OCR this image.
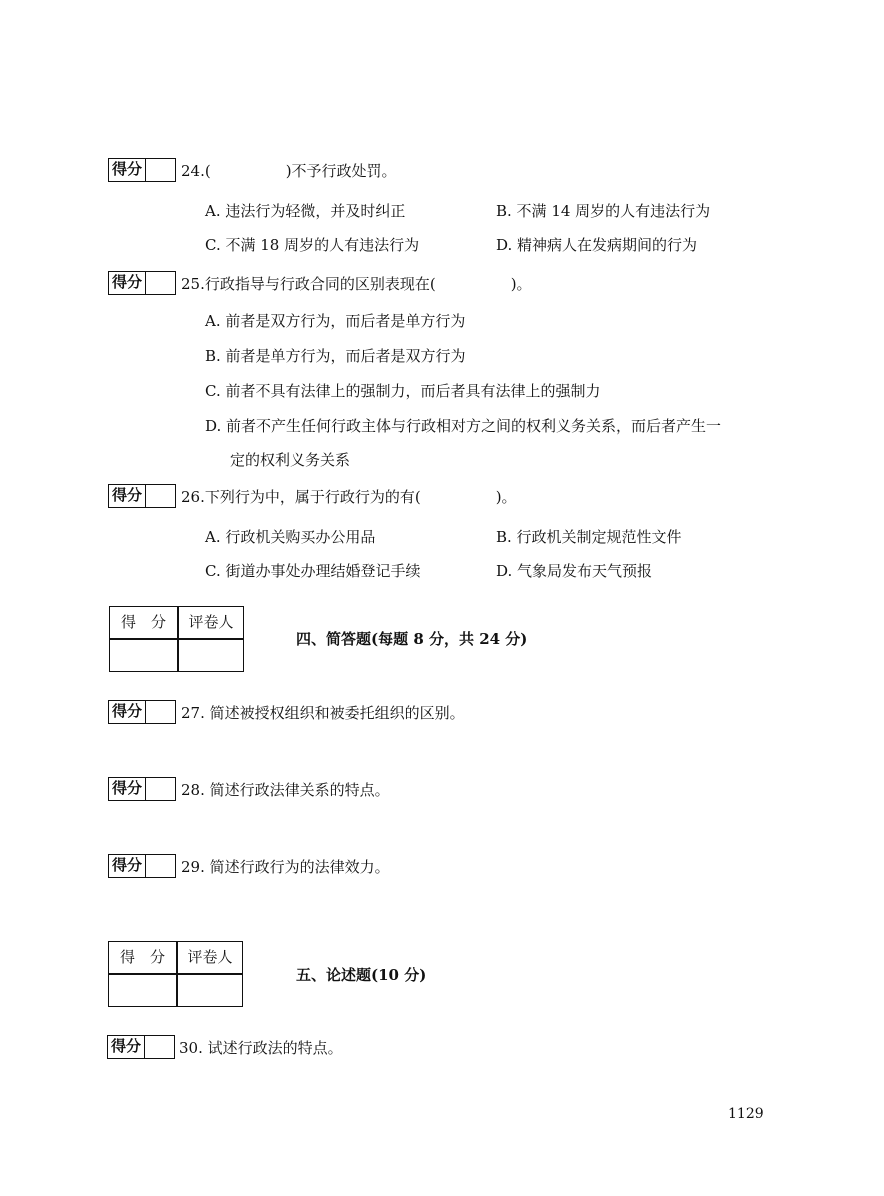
得分	24.(　　　　　)不予行政处罚。
A. 违法行为轻微，并及时纠正	B. 不满 14 周岁的人有违法行为
C. 不满 18 周岁的人有违法行为	D. 精神病人在发病期间的行为
得分	25.行政指导与行政合同的区别表现在(　　　　　)。
A. 前者是双方行为，而后者是单方行为
B. 前者是单方行为，而后者是双方行为
C. 前者不具有法律上的强制力，而后者具有法律上的强制力
D. 前者不产生任何行政主体与行政相对方之间的权利义务关系，而后者产生一
定的权利义务关系
得分	26.下列行为中，属于行政行为的有(　　　　　)。
A. 行政机关购买办公用品	B. 行政机关制定规范性文件
C. 街道办事处办理结婚登记手续	D. 气象局发布天气预报
得　分	评卷人
四、简答题(每题 8 分，共 24 分)
得分	27. 简述被授权组织和被委托组织的区别。
得分	28. 简述行政法律关系的特点。
得分	29. 简述行政行为的法律效力。
得　分	评卷人
五、论述题(10 分)
得分	30. 试述行政法的特点。
1129
